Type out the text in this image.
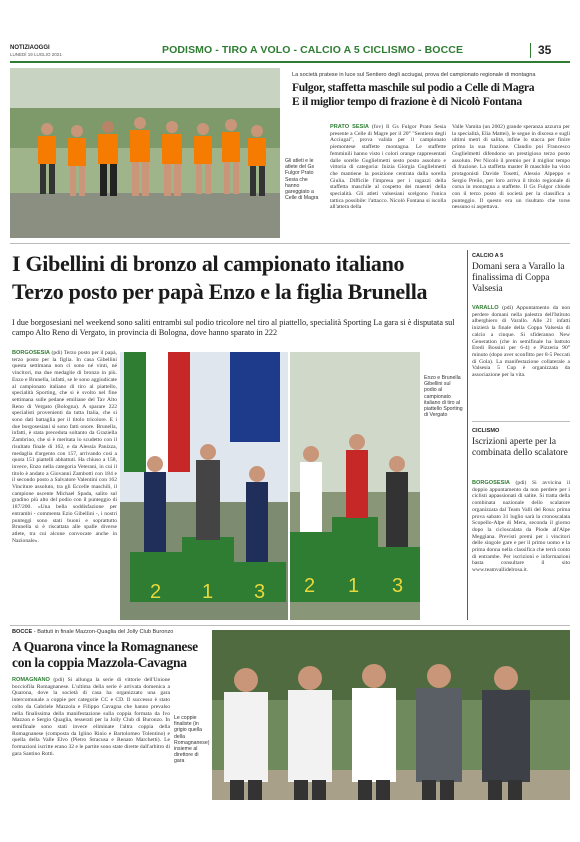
NOTIZIAOGGI
LUNEDÌ 19 LUGLIO 2021	PODISMO - TIRO A VOLO - CALCIO A 5 CICLISMO - BOCCE	35
Gli atleti e le atlete del Gs Fulgor Prato Sesia che hanno gareggiato a Celle di Magra
La società pratese in luce sul Sentiero degli acciugai, prova del campionato regionale di montagna
Fulgor, staffetta maschile sul podio a Celle di Magra
E il miglior tempo di frazione è di Nicolò Fontana
PRATO SESIA (fov) Il Gs Fulgor Prato Sesia presente a Celle di Magre per il 20° "Sentiero degli Acciugai", prova valida per il campionato piemontese staffette montagna. Le staffette femminili hanno visto i colori orange rappresentati dalle sorelle Guglielmetti sesto posto assoluto e vittoria di categoria: Iniziа Giorgia Guglielmetti che mantiene la posizione centrata dalla sorella Giulia. Difficile l'impresa per i ragazzi della staffetta maschile al cospetto dei maestri della specialità. Gli atleti valsesiani scelgono l'unica tattica possibile: l'attacco. Nicolò Fontana si iscolla all'attera della
Valle Vamita (un 2002) grande speranza azzurra per la specialità, Elia Mattei), le segue in discesa e sugli ultimi metri di salita, infine lo stacca per finire primo la sua frazione. Claudio poi Francesco Guglielmetti difendono un prestigioso terzo posto assoluto. Per Nicolò il premio per il miglior tempo di frazione. La staffetta master B maschile ha visto protagonisti Davide Tosetti, Alessio Alpeppo e Sergio Preilo, per loro arriva il titolo regionale di corsa in montagna a staffette. Il Gs Fulgor chiude con il terzo posto di società per la classifica a punteggio. Il questo era un risultato che torse nessuno si aspettava.
I Gibellini di bronzo al campionato italiano
Terzo posto per papà Enzo e la figlia Brunella
I due borgosesiani nel weekend sono saliti entrambi sul podio tricolore nel tiro al piattello, specialità Sporting La gara si è disputata sul campo Alto Reno di Vergato, in provincia di Bologna, dove hanno sparato in 222
BORGOSESIA (pdi) Terzo posto per il papà, terzo posto per la figlia. In casa Gibellini questa settimana non ci sono né vinti, né vincitori, ma due medaglie di bronzo in più. Enzo e Brunella, infatti, se le sono aggiudicate al campionato italiano di tiro al piattello, specialità Sporting, che si è svolto nel fine settimana sulle pedane emiliane del Tav Alto Reno di Vergato (Bologna). A sparare 222 specialisti provenienti da tutta Italia, che si sono dati battaglia per il titolo tricolore. E i due borgosesiani si sono fatti onore. Brunella, infatti, è stata preceduta soltanto da Graziella Zambrino, che si è meritata lo scudetto con il risultato finale di 162, e da Alessia Panizza, medaglia d'argento con 157, arrivando così a quota 151 piattelli abbattuti. Ha chiuso a 158, invece, Enzo nella categoria Veterani, in cui il titolo è andato a Giovanni Zambotti con 184 e il secondo posto a Salvatore Valentini con 162 Vinciture assoluto, tra gli Eccelle maschili, il campione uscente Michael Spada, salito sul gradino più alto del podio con il punteggio di 187/200. «Una bella soddisfazione per entrambi - commenta Ezio Gibellini -, i nostri punteggi sono stati buoni e soprattutto Brunella si è riscattata alle spalle diverse atlete, tra cui alcune convocate anche in Nazionale».
2 1 3 2 1 3
Enzo e Brunella Gibellini sul podio al campionato italiano di tiro al piattello Sporting di Vergato
CALCIO A 5
Domani sera a Varallo la finalissima di Coppa Valsesia
VARALLO (pdi) Appuntamento da non perdere domani nella palestra dell'Istituto alberghiero di Varallo. Alle 21 infatti inizierà la finale della Coppa Valsesia di calcio a cinque. Si sfideranno New Generation (che in semifinale ha battuto Eredi Bossini per 6-4) e Pizzeria 90° minuto (dopo aver sconfitto per 8-5 Peccati di Gola). La manifestazione collaterale a Valsesia 5 Cup è organizzata da associazione per la vita.
CICLISMO
Iscrizioni aperte per la combinata dello scalatore
BORGOSESIA (pdi) Si avvicina il doppio appuntamento da non perdere per i ciclisti appassionati di salite. Si tratta della combinata nazionale dello scalatore organizzata dal Team Valli del Rosa: prima prova sabato 31 luglio sarà la cronoscalata Scopello-Alpe di Mera, seconda il giorno dopo la cicloscalata da Piode all'Alpe Meggiana. Previsti premi per i vincitori delle singole gare e per il primo uomo e la prima donna nella classifica che terrà conto di entrambe. Per iscrizioni e informazioni basta consultare il sito www.teamvallidelrosa.it.
BOCCE - Battuti in finale Mazzon-Quaglia del Jolly Club Buronzo
A Quarona vince la Romagnanese
con la coppia Mazzola-Cavagna
ROMAGNANO (pdi) Si allunga la serie di vittorie dell'Unione bocciofila Romagnanese. L'ultima della serie è arrivata domenica a Quarona, dove la società di casa ha organizzato una gara intercomunale a coppie per categorie CC e CD. Il successo è stato colto da Gabriele Mazzola e Filippo Cavagna che hanno prevalso nella finalissima della manifestazione sulla coppia formata da Ivo Mazzon e Sergio Quaglia, tesserati per la Jolly Club di Buronzo. In semifinale sono stati invece eliminate l'altra coppia della Romagnanese (composta da Iglino Rinio e Bartolomeo Tolentino) e quella della Valle Elvo (Pietro Stracusa e Renato Marchetti). Le formazioni iscritte erano 32 e le partite sono state dirette dall'arbitro di gara Santino Rotti.
Le coppie finaliste (in grigio quella della Romagnanese) insieme al direttore di gara
